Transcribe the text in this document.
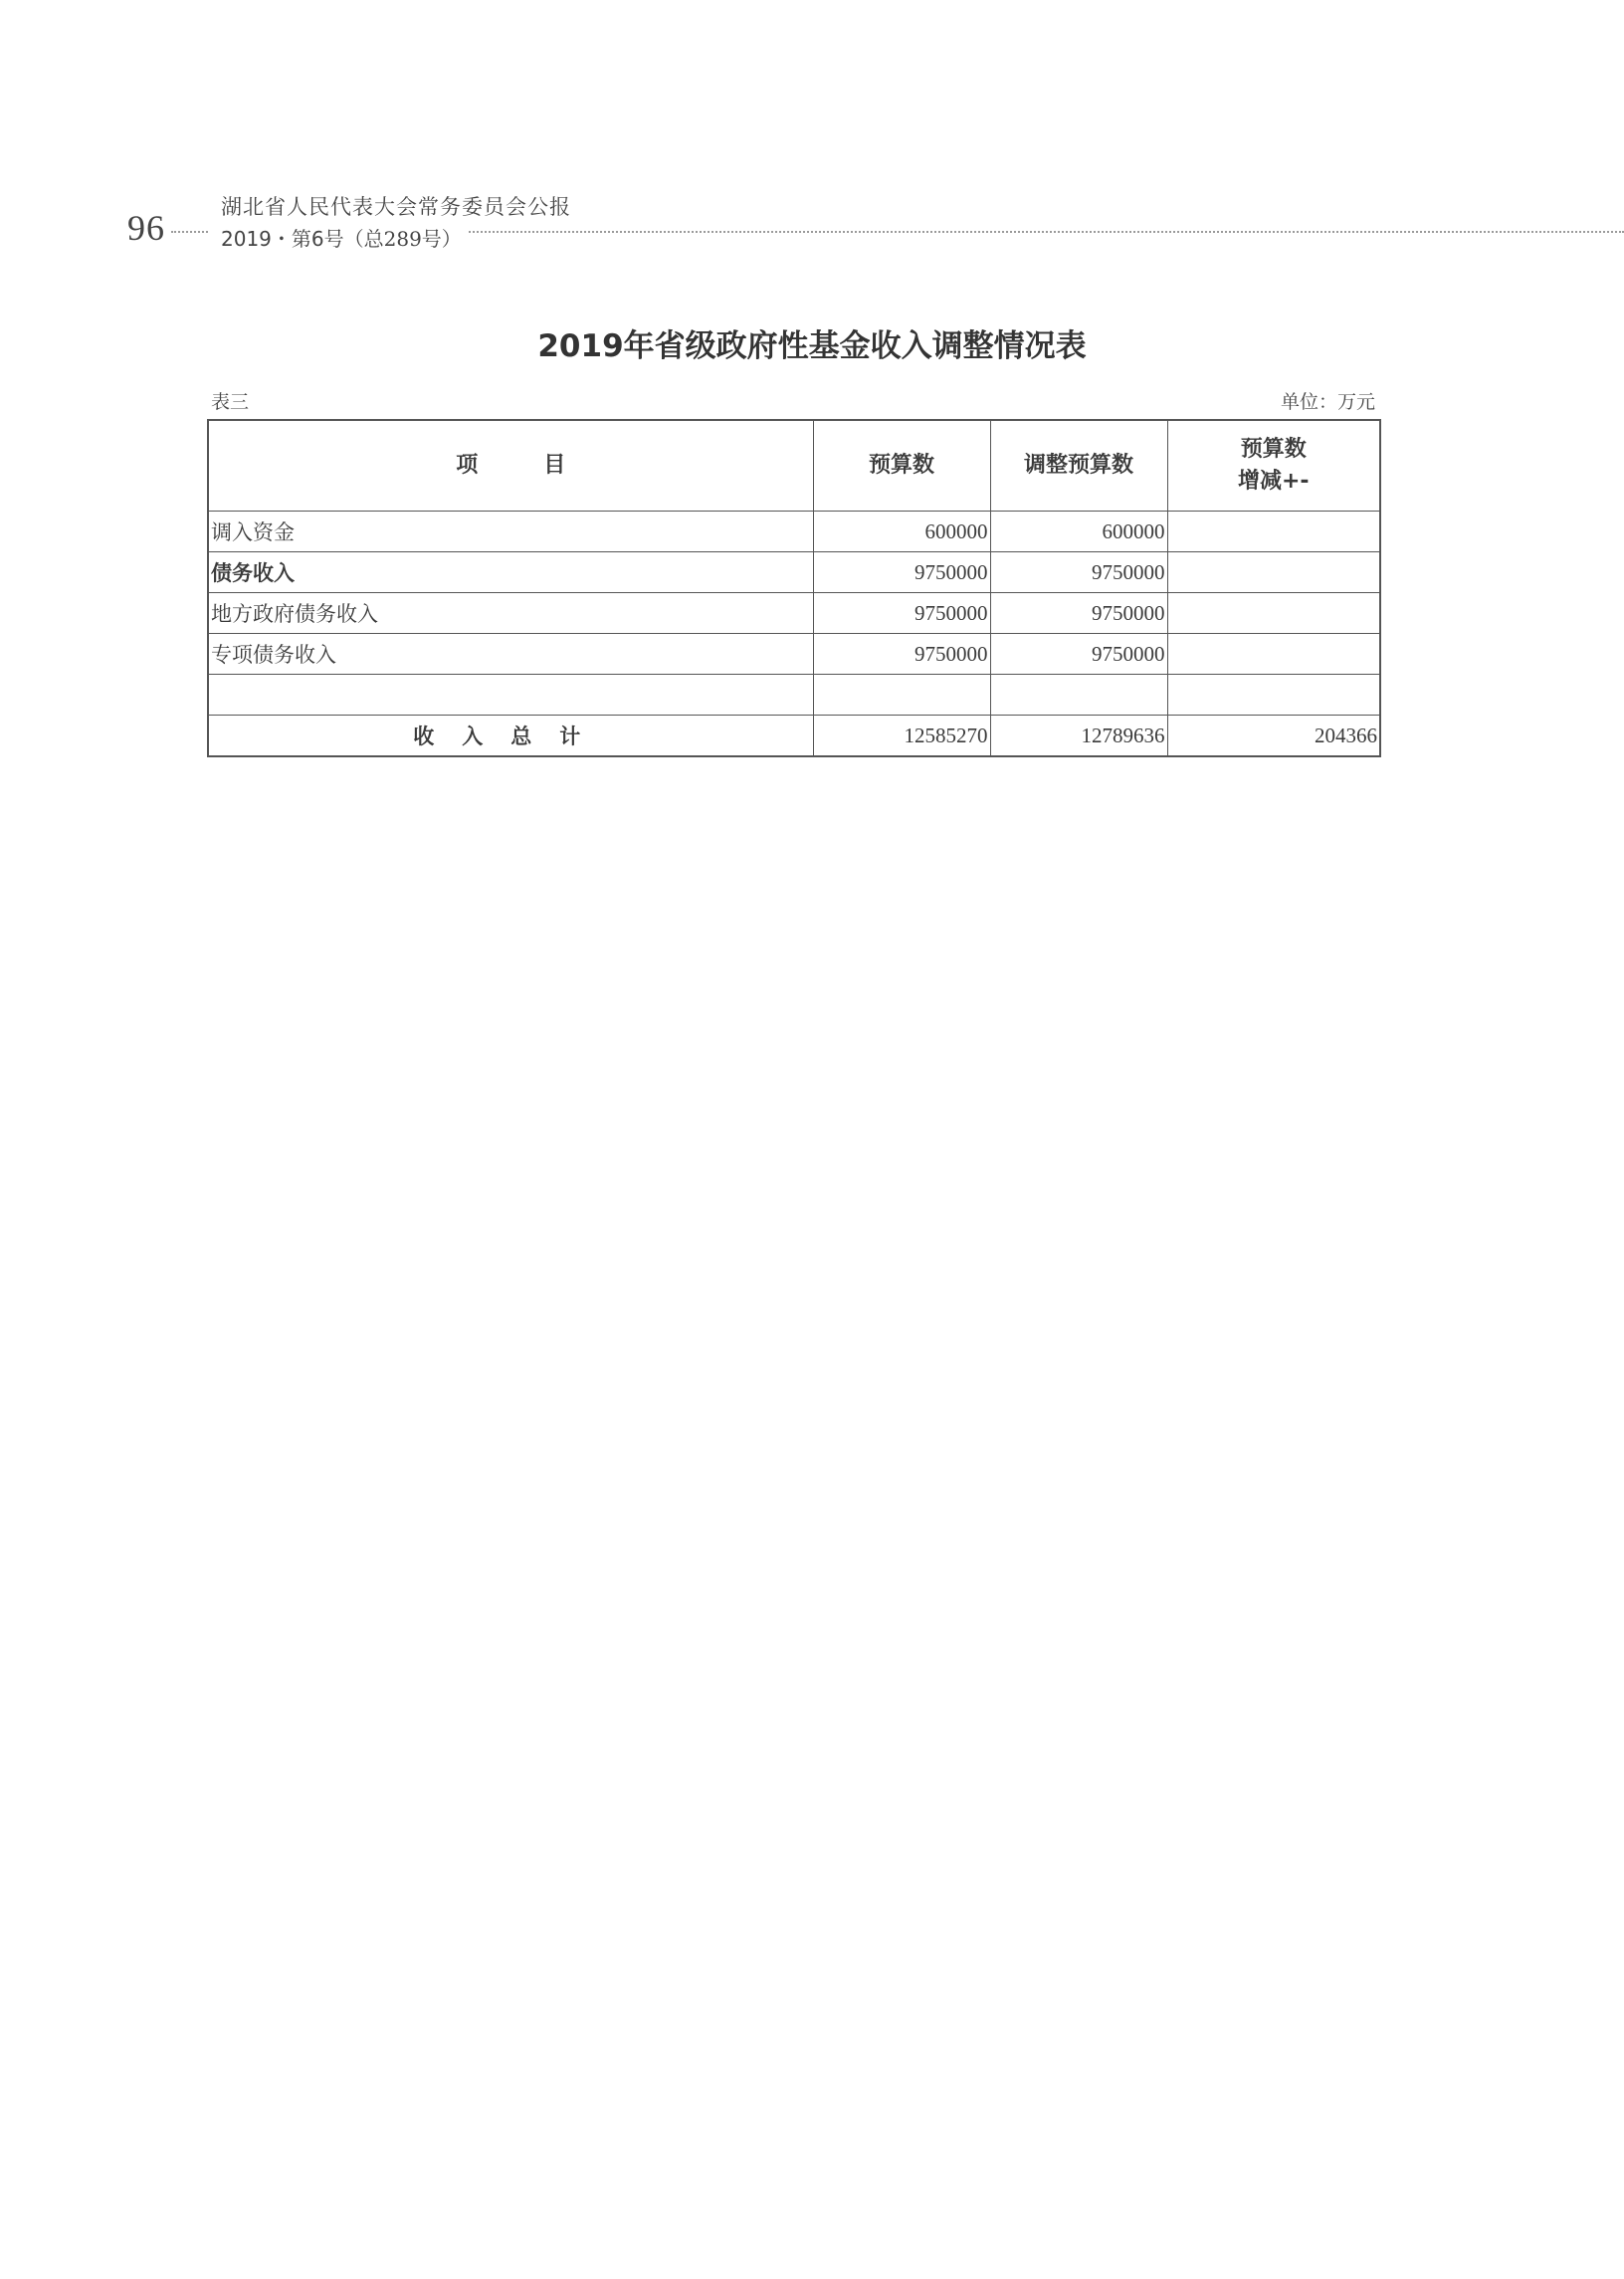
96
湖北省人民代表大会常务委员会公报
2019・第6号（总289号）
2019年省级政府性基金收入调整情况表
表三	单位：万元
项　　　目	预算数	调整预算数	预算数
增减+-

调入资金	600000	600000	
债务收入	9750000	9750000	
地方政府债务收入	9750000	9750000	
专项债务收入	9750000	9750000	

收入总计	12585270	12789636	204366
